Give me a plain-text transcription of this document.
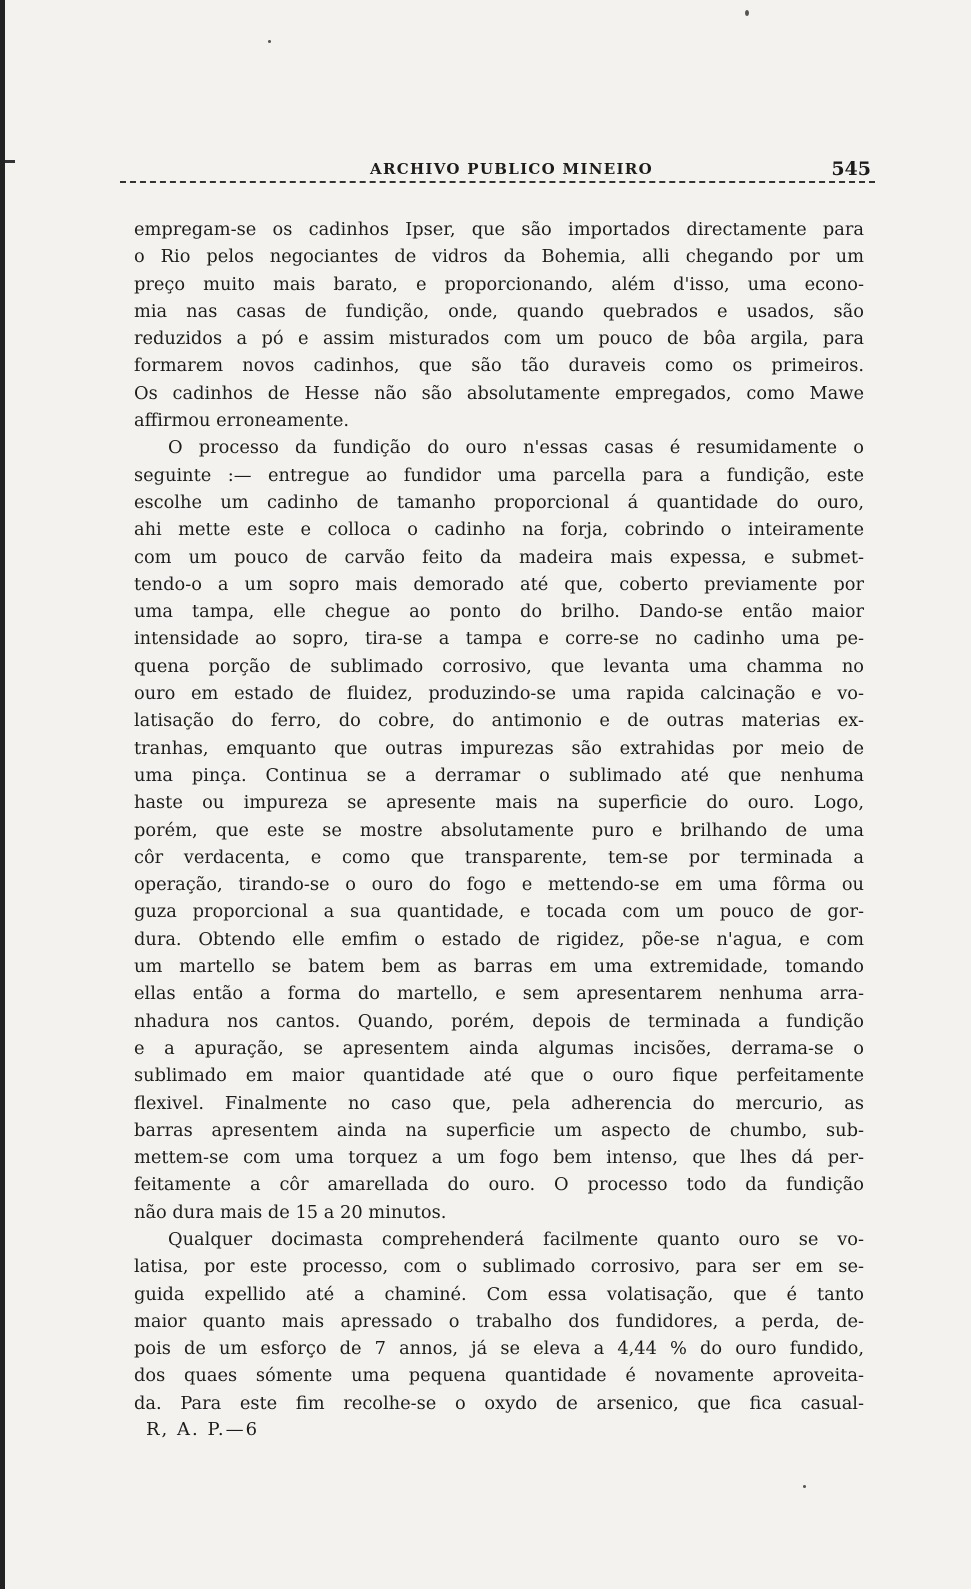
ARCHIVO PUBLICO MINEIRO	545
empregam-se os cadinhos Ipser, que são importados directamente para
o Rio pelos negociantes de vidros da Bohemia, alli chegando por um
preço muito mais barato, e proporcionando, além d'isso, uma econo-
mia nas casas de fundição, onde, quando quebrados e usados, são
reduzidos a pó e assim misturados com um pouco de bôa argila, para
formarem novos cadinhos, que são tão duraveis como os primeiros.
Os cadinhos de Hesse não são absolutamente empregados, como Mawe
affirmou erroneamente.
O processo da fundição do ouro n'essas casas é resumidamente o
seguinte :— entregue ao fundidor uma parcella para a fundição, este
escolhe um cadinho de tamanho proporcional á quantidade do ouro,
ahi mette este e colloca o cadinho na forja, cobrindo o inteiramente
com um pouco de carvão feito da madeira mais expessa, e submet-
tendo-o a um sopro mais demorado até que, coberto previamente por
uma tampa, elle chegue ao ponto do brilho. Dando-se então maior
intensidade ao sopro, tira-se a tampa e corre-se no cadinho uma pe-
quena porção de sublimado corrosivo, que levanta uma chamma no
ouro em estado de fluidez, produzindo-se uma rapida calcinação e vo-
latisação do ferro, do cobre, do antimonio e de outras materias ex-
tranhas, emquanto que outras impurezas são extrahidas por meio de
uma pinça. Continua se a derramar o sublimado até que nenhuma
haste ou impureza se apresente mais na superficie do ouro. Logo,
porém, que este se mostre absolutamente puro e brilhando de uma
côr verdacenta, e como que transparente, tem-se por terminada a
operação, tirando-se o ouro do fogo e mettendo-se em uma fôrma ou
guza proporcional a sua quantidade, e tocada com um pouco de gor-
dura. Obtendo elle emfim o estado de rigidez, põe-se n'agua, e com
um martello se batem bem as barras em uma extremidade, tomando
ellas então a forma do martello, e sem apresentarem nenhuma arra-
nhadura nos cantos. Quando, porém, depois de terminada a fundição
e a apuração, se apresentem ainda algumas incisões, derrama-se o
sublimado em maior quantidade até que o ouro fique perfeitamente
flexivel. Finalmente no caso que, pela adherencia do mercurio, as
barras apresentem ainda na superficie um aspecto de chumbo, sub-
mettem-se com uma torquez a um fogo bem intenso, que lhes dá per-
feitamente a côr amarellada do ouro. O processo todo da fundição
não dura mais de 15 a 20 minutos.
Qualquer docimasta comprehenderá facilmente quanto ouro se vo-
latisa, por este processo, com o sublimado corrosivo, para ser em se-
guida expellido até a chaminé. Com essa volatisação, que é tanto
maior quanto mais apressado o trabalho dos fundidores, a perda, de-
pois de um esforço de 7 annos, já se eleva a 4,44 % do ouro fundido,
dos quaes sómente uma pequena quantidade é novamente aproveita-
da. Para este fim recolhe-se o oxydo de arsenico, que fica casual-
R, A. P.—6
